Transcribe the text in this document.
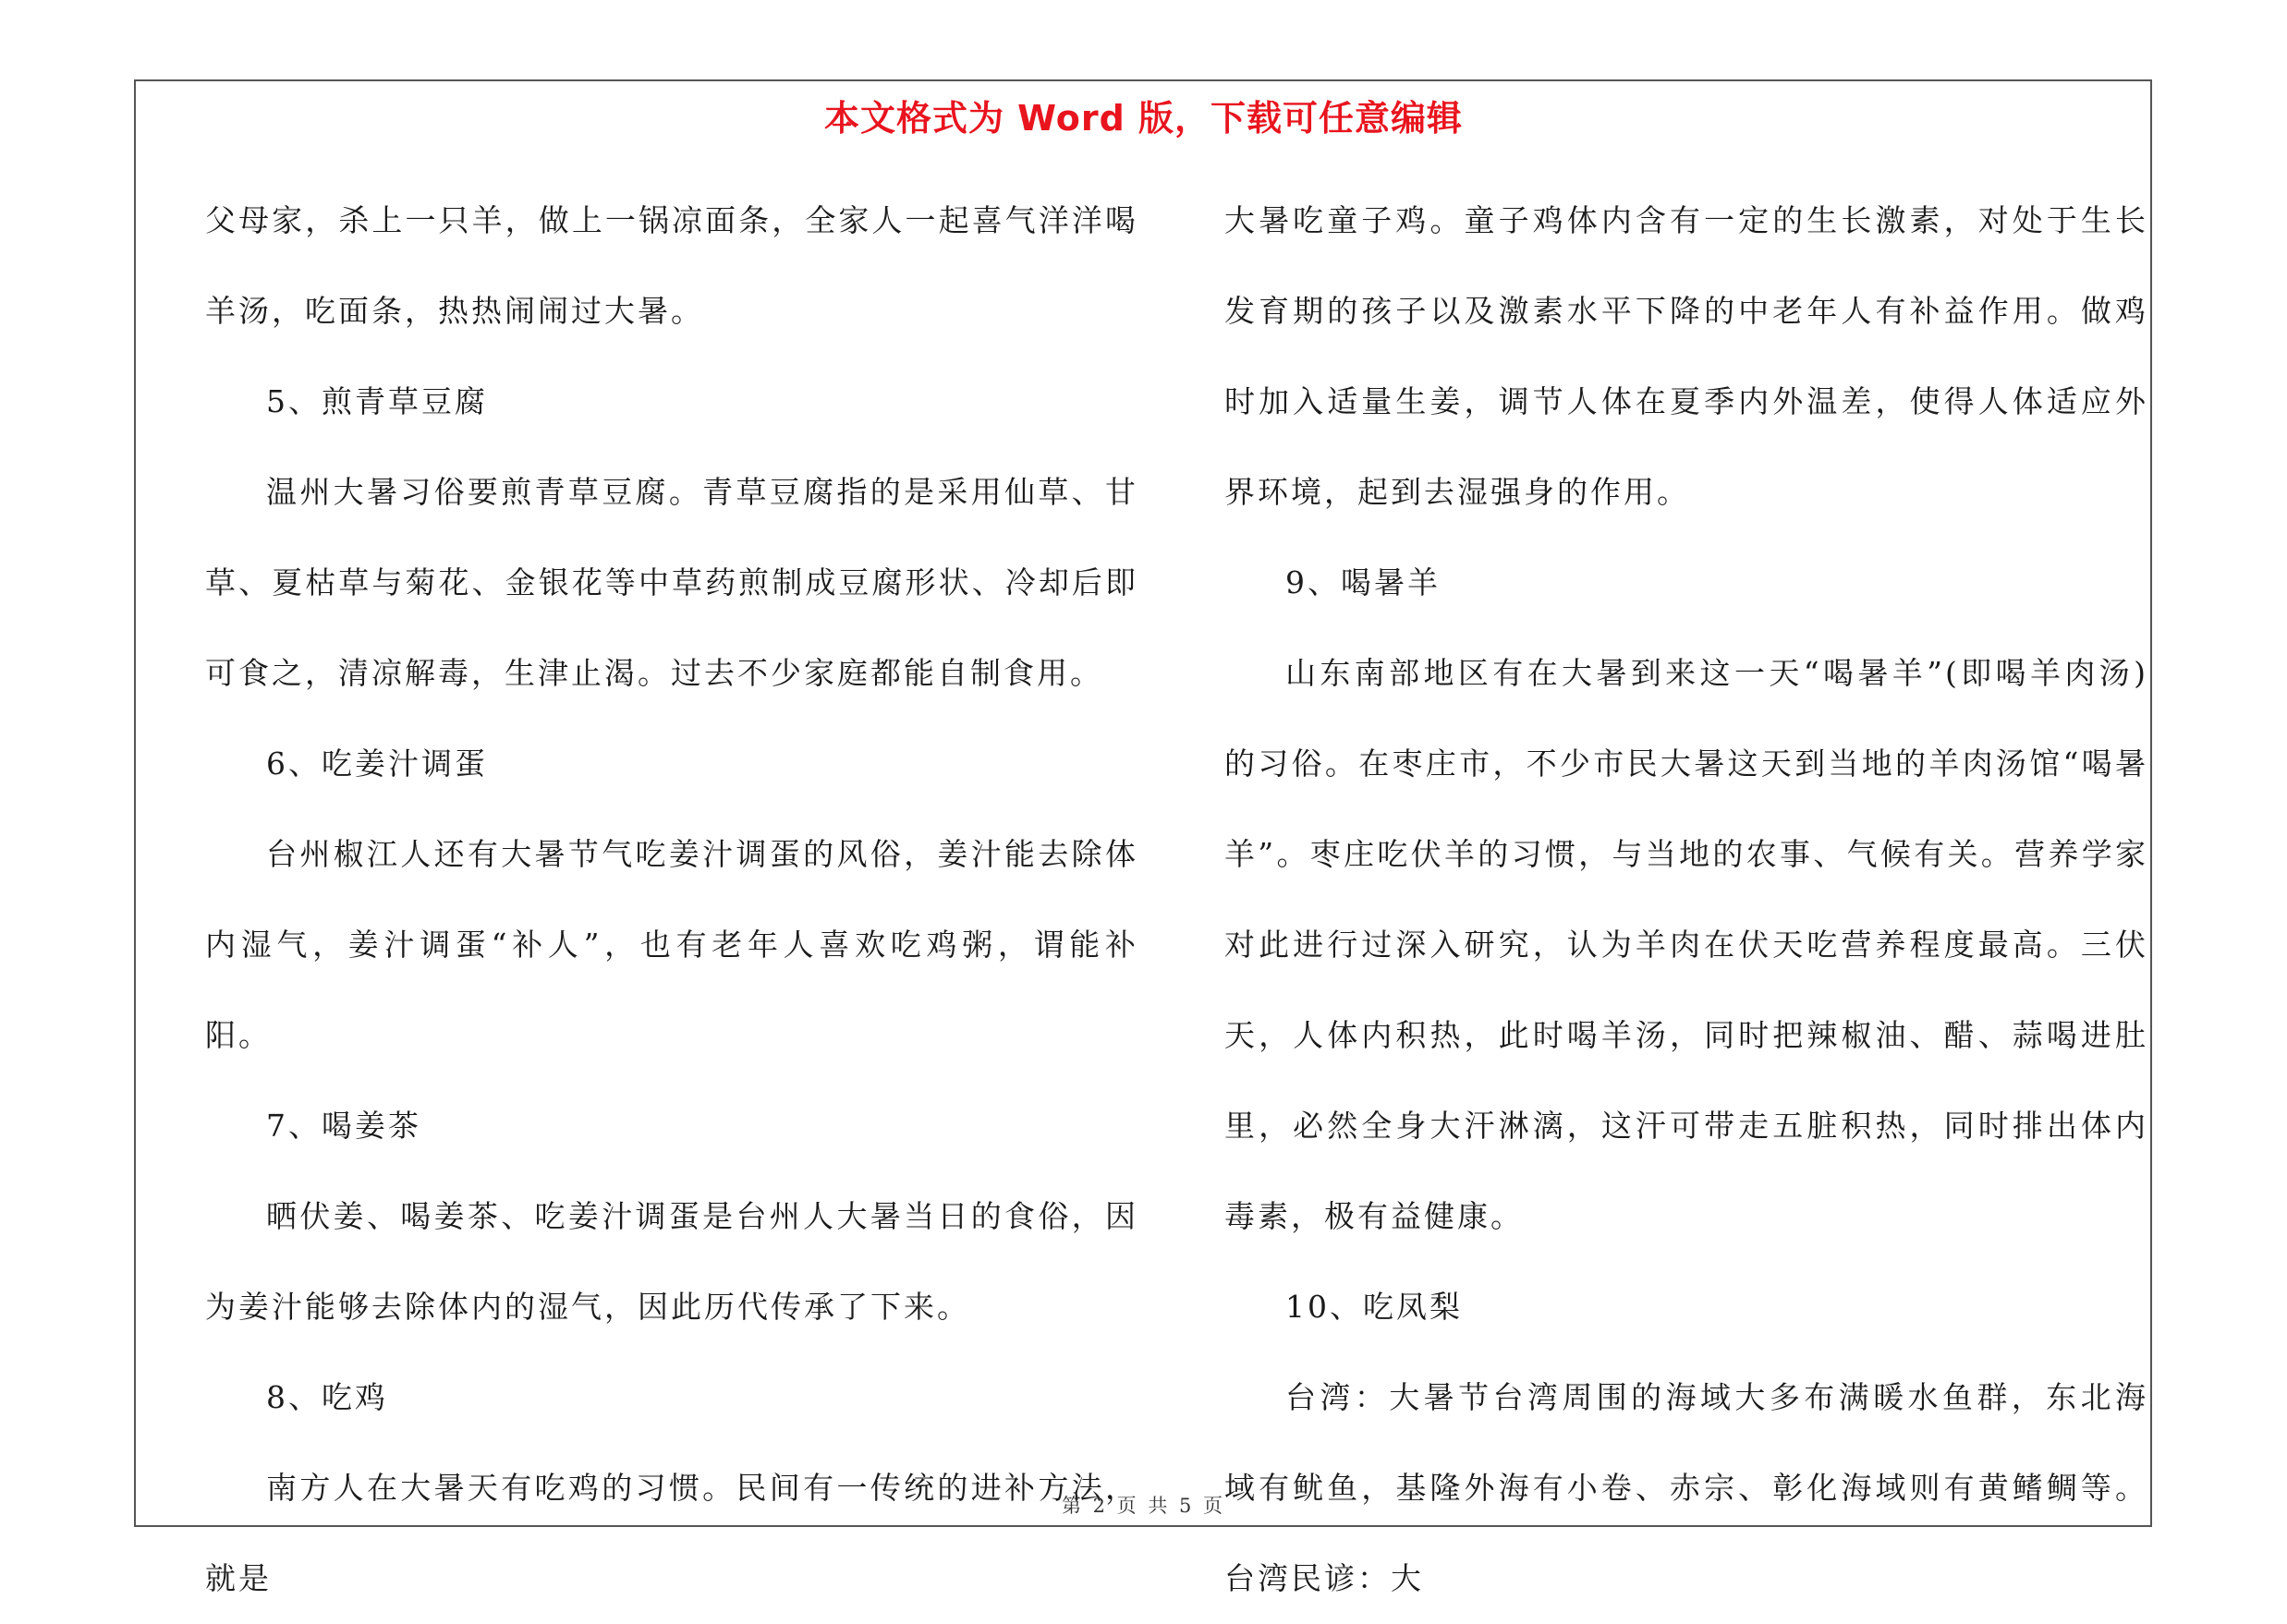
本文格式为 Word 版，下载可任意编辑

父母家，杀上一只羊，做上一锅凉面条，全家人一起喜气洋洋喝羊汤，吃面条，热热闹闹过大暑。

5、煎青草豆腐

温州大暑习俗要煎青草豆腐。青草豆腐指的是采用仙草、甘草、夏枯草与菊花、金银花等中草药煎制成豆腐形状、冷却后即可食之，清凉解毒，生津止渴。过去不少家庭都能自制食用。

6、吃姜汁调蛋

台州椒江人还有大暑节气吃姜汁调蛋的风俗，姜汁能去除体内湿气，姜汁调蛋“补人”，也有老年人喜欢吃鸡粥，谓能补阳。

7、喝姜茶

晒伏姜、喝姜茶、吃姜汁调蛋是台州人大暑当日的食俗，因为姜汁能够去除体内的湿气，因此历代传承了下来。

8、吃鸡

南方人在大暑天有吃鸡的习惯。民间有一传统的进补方法，就是

大暑吃童子鸡。童子鸡体内含有一定的生长激素，对处于生长发育期的孩子以及激素水平下降的中老年人有补益作用。做鸡时加入适量生姜，调节人体在夏季内外温差，使得人体适应外界环境，起到去湿强身的作用。

9、喝暑羊

山东南部地区有在大暑到来这一天“喝暑羊”(即喝羊肉汤)的习俗。在枣庄市，不少市民大暑这天到当地的羊肉汤馆“喝暑羊”。枣庄吃伏羊的习惯，与当地的农事、气候有关。营养学家对此进行过深入研究，认为羊肉在伏天吃营养程度最高。三伏天，人体内积热，此时喝羊汤，同时把辣椒油、醋、蒜喝进肚里，必然全身大汗淋漓，这汗可带走五脏积热，同时排出体内毒素，极有益健康。

10、吃凤梨

台湾：大暑节台湾周围的海域大多布满暖水鱼群，东北海域有鱿鱼，基隆外海有小卷、赤宗、彰化海域则有黄鳍鲷等。台湾民谚：大

第 2 页 共 5 页
